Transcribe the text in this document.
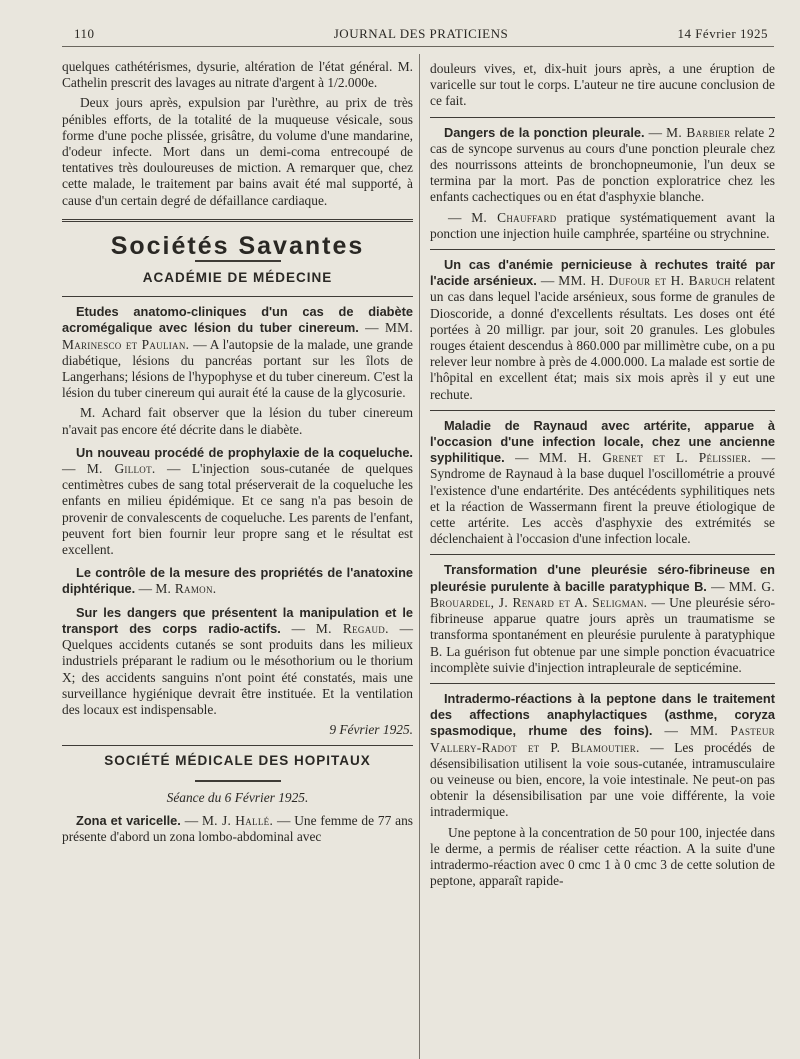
110	JOURNAL DES PRATICIENS	14 Février 1925

quelques cathétérismes, dysurie, altération de l'état général. M. Cathelin prescrit des lavages au nitrate d'argent à 1/2.000e.

Deux jours après, expulsion par l'urèthre, au prix de très pénibles efforts, de la totalité de la muqueuse vésicale, sous forme d'une poche plissée, grisâtre, du volume d'une mandarine, d'odeur infecte. Mort dans un demi-coma entrecoupé de tentatives très douloureuses de miction. A remarquer que, chez cette malade, le traitement par bains avait été mal supporté, à cause d'un certain degré de défaillance cardiaque.

Sociétés Savantes
ACADÉMIE DE MÉDECINE

Etudes anatomo-cliniques d'un cas de diabète acromégalique avec lésion du tuber cinereum. — MM. Marinesco et Paulian. — A l'autopsie de la malade, une grande diabétique, lésions du pancréas portant sur les îlots de Langerhans; lésions de l'hypophyse et du tuber cinereum. C'est la lésion du tuber cinereum qui aurait été la cause de la glycosurie.

M. Achard fait observer que la lésion du tuber cinereum n'avait pas encore été décrite dans le diabète.

Un nouveau procédé de prophylaxie de la coqueluche. — M. Gillot. — L'injection sous-cutanée de quelques centimètres cubes de sang total préserverait de la coqueluche les enfants en milieu épidémique. Et ce sang n'a pas besoin de provenir de convalescents de coqueluche. Les parents de l'enfant, peuvent fort bien fournir leur propre sang et le résultat est excellent.

Le contrôle de la mesure des propriétés de l'anatoxine diphtérique. — M. Ramon.

Sur les dangers que présentent la manipulation et le transport des corps radio-actifs. — M. Regaud. — Quelques accidents cutanés se sont produits dans les milieux industriels préparant le radium ou le mésothorium ou le thorium X; des accidents sanguins n'ont point été constatés, mais une surveillance hygiénique devrait être instituée. Et la ventilation des locaux est indispensable.

9 Février 1925.

SOCIÉTÉ MÉDICALE DES HOPITAUX

Séance du 6 Février 1925.

Zona et varicelle. — M. J. Hallé. — Une femme de 77 ans présente d'abord un zona lombo-abdominal avec

douleurs vives, et, dix-huit jours après, a une éruption de varicelle sur tout le corps. L'auteur ne tire aucune conclusion de ce fait.

Dangers de la ponction pleurale. — M. Barbier relate 2 cas de syncope survenus au cours d'une ponction pleurale chez des nourrissons atteints de bronchopneumonie, l'un deux se termina par la mort. Pas de ponction exploratrice chez les enfants cachectiques ou en état d'asphyxie blanche.

— M. Chauffard pratique systématiquement avant la ponction une injection huile camphrée, spartéine ou strychnine.

Un cas d'anémie pernicieuse à rechutes traité par l'acide arsénieux. — MM. H. Dufour et H. Baruch relatent un cas dans lequel l'acide arsénieux, sous forme de granules de Dioscoride, a donné d'excellents résultats. Les doses ont été portées à 20 milligr. par jour, soit 20 granules. Les globules rouges étaient descendus à 860.000 par millimètre cube, on a pu relever leur nombre à près de 4.000.000. La malade est sortie de l'hôpital en excellent état; mais six mois après il y eut une rechute.

Maladie de Raynaud avec artérite, apparue à l'occasion d'une infection locale, chez une ancienne syphilitique. — MM. H. Grenet et L. Pélissier. — Syndrome de Raynaud à la base duquel l'oscillométrie a prouvé l'existence d'une endartérite. Des antécédents syphilitiques nets et la réaction de Wassermann firent la preuve étiologique de cette artérite. Les accès d'asphyxie des extrémités se déclenchaient à l'occasion d'une infection locale.

Transformation d'une pleurésie séro-fibrineuse en pleurésie purulente à bacille paratyphique B. — MM. G. Brouardel, J. Renard et A. Seligman. — Une pleurésie séro-fibrineuse apparue quatre jours après un traumatisme se transforma spontanément en pleurésie purulente à paratyphique B. La guérison fut obtenue par une simple ponction évacuatrice incomplète suivie d'injection intrapleurale de septicémine.

Intradermo-réactions à la peptone dans le traitement des affections anaphylactiques (asthme, coryza spasmodique, rhume des foins). — MM. Pasteur Vallery-Radot et P. Blamoutier. — Les procédés de désensibilisation utilisent la voie sous-cutanée, intramusculaire ou veineuse ou bien, encore, la voie intestinale. Ne peut-on pas obtenir la désensibilisation par une voie différente, la voie intradermique.

Une peptone à la concentration de 50 pour 100, injectée dans le derme, a permis de réaliser cette réaction. A la suite d'une intradermo-réaction avec 0 cmc 1 à 0 cmc 3 de cette solution de peptone, apparaît rapide-
